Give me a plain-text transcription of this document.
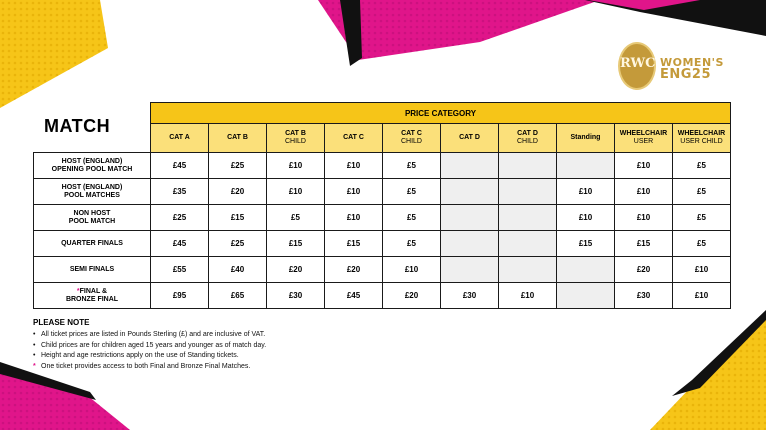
RWC WOMEN'S
ENG25
MATCH
	PRICE CATEGORY									
	CAT A	CAT B	CAT B
CHILD	CAT C	CAT C
CHILD	CAT D	CAT D
CHILD	Standing	WHEELCHAIR
USER	WHEELCHAIR
USER CHILD

HOST (ENGLAND)
OPENING POOL MATCH	£45	£25	£10	£10	£5				£10	£5

HOST (ENGLAND)
POOL MATCHES	£35	£20	£10	£10	£5			£10	£10	£5

NON HOST
POOL MATCH	£25	£15	£5	£10	£5			£10	£10	£5

QUARTER FINALS	£45	£25	£15	£15	£5			£15	£15	£5

SEMI FINALS	£55	£40	£20	£20	£10				£20	£10

*FINAL &
BRONZE FINAL	£95	£65	£30	£45	£20	£30	£10		£30	£10
PLEASE NOTE
• All ticket prices are listed in Pounds Sterling (£) and are inclusive of VAT.
• Child prices are for children aged 15 years and younger as of match day.
• Height and age restrictions apply on the use of Standing tickets.
* One ticket provides access to both Final and Bronze Final Matches.
